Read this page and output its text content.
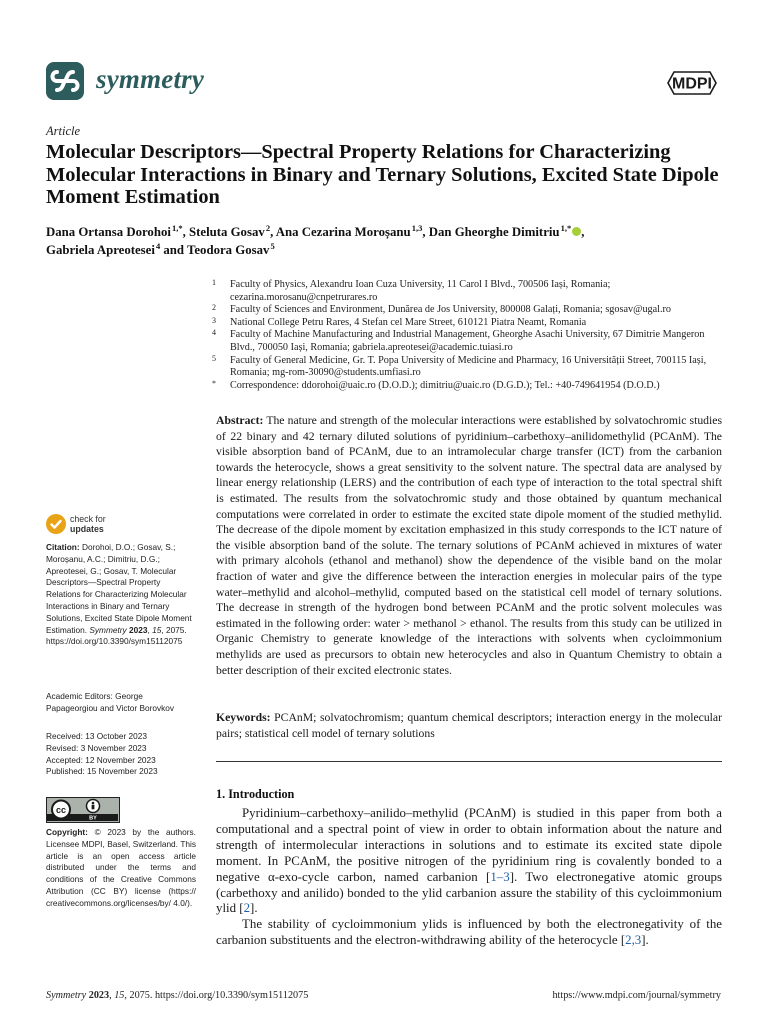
symmetry	MDPI
Article
Molecular Descriptors—Spectral Property Relations for Characterizing Molecular Interactions in Binary and Ternary Solutions, Excited State Dipole Moment Estimation
Dana Ortansa Dorohoi $^{1,*}$, Steluta Gosav $^2$, Ana Cezarina Moroșanu $^{1,3}$, Dan Gheorghe Dimitriu $^{1,*}$ ,
Gabriela Apreotesei $^4$ and Teodora Gosav $^5$
1	Faculty of Physics, Alexandru Ioan Cuza University, 11 Carol I Blvd., 700506 Iași, Romania; cezarina.morosanu@cnpetrurares.ro
2	Faculty of Sciences and Environment, Dunărea de Jos University, 800008 Galați, Romania; sgosav@ugal.ro
3	National College Petru Rares, 4 Stefan cel Mare Street, 610121 Piatra Neamt, Romania
4	Faculty of Machine Manufacturing and Industrial Management, Gheorghe Asachi University, 67 Dimitrie Mangeron Blvd., 700050 Iași, Romania; gabriela.apreotesei@academic.tuiasi.ro
5	Faculty of General Medicine, Gr. T. Popa University of Medicine and Pharmacy, 16 Universității Street, 700115 Iași, Romania; mg-rom-30090@students.umfiasi.ro
*	Correspondence: ddorohoi@uaic.ro (D.O.D.); dimitriu@uaic.ro (D.G.D.); Tel.: +40-749641954 (D.O.D.)
Abstract: The nature and strength of the molecular interactions were established by solvatochromic studies of 22 binary and 42 ternary diluted solutions of pyridinium–carbethoxy–anilidomethylid (PCAnM). The visible absorption band of PCAnM, due to an intramolecular charge transfer (ICT) from the carbanion towards the heterocycle, shows a great sensitivity to the solvent nature. The spectral data are analysed by linear energy relationship (LERS) and the contribution of each type of interaction to the total spectral shift is estimated. The results from the solvatochromic study and those obtained by quantum mechanical computations were correlated in order to estimate the excited state dipole moment of the studied methylid. The decrease of the dipole moment by excitation emphasized in this study corresponds to the ICT nature of the visible absorption band of the solute. The ternary solutions of PCAnM achieved in mixtures of water with primary alcohols (ethanol and methanol) show the dependence of the visible band on the molar fraction of water and give the difference between the interaction energies in molecular pairs of the type water–methylid and alcohol–methylid, computed based on the statistical cell model of ternary solutions. The decrease in strength of the hydrogen bond between PCAnM and the protic solvent molecules was estimated in the following order: water > methanol > ethanol. The results from this study can be utilized in Organic Chemistry to generate knowledge of the interactions with solvents when cycloimmonium methylids are used as precursors to obtain new heterocycles and also in Quantum Chemistry to obtain a better description of their excited electronic states.
Keywords: PCAnM; solvatochromism; quantum chemical descriptors; interaction energy in the molecular pairs; statistical cell model of ternary solutions
check for
updates
Citation: Dorohoi, D.O.; Gosav, S.; Moroșanu, A.C.; Dimitriu, D.G.; Apreotesei, G.; Gosav, T. Molecular Descriptors—Spectral Property Relations for Characterizing Molecular Interactions in Binary and Ternary Solutions, Excited State Dipole Moment Estimation. Symmetry 2023, 15, 2075. https://doi.org/10.3390/sym15112075
Academic Editors: George Papageorgiou and Victor Borovkov
Received: 13 October 2023
Revised: 3 November 2023
Accepted: 12 November 2023
Published: 15 November 2023
cc
BY
Copyright: © 2023 by the authors. Licensee MDPI, Basel, Switzerland. This article is an open access article distributed under the terms and conditions of the Creative Commons Attribution (CC BY) license (https:// creativecommons.org/licenses/by/ 4.0/).
1. Introduction

Pyridinium–carbethoxy–anilido–methylid (PCAnM) is studied in this paper from both a computational and a spectral point of view in order to obtain information about the nature and strength of intermolecular interactions in solutions and to estimate its excited state dipole moment. In PCAnM, the positive nitrogen of the pyridinium ring is covalently bonded to a negative α-exo-cycle carbon, named carbanion [1–3]. Two electronegative atomic groups (carbethoxy and anilido) bonded to the ylid carbanion assure the stability of this cycloimmonium ylid [2].

The stability of cycloimmonium ylids is influenced by both the electronegativity of the carbanion substituents and the electron-withdrawing ability of the heterocycle [2,3].

Symmetry 2023, 15, 2075. https://doi.org/10.3390/sym15112075	https://www.mdpi.com/journal/symmetry
